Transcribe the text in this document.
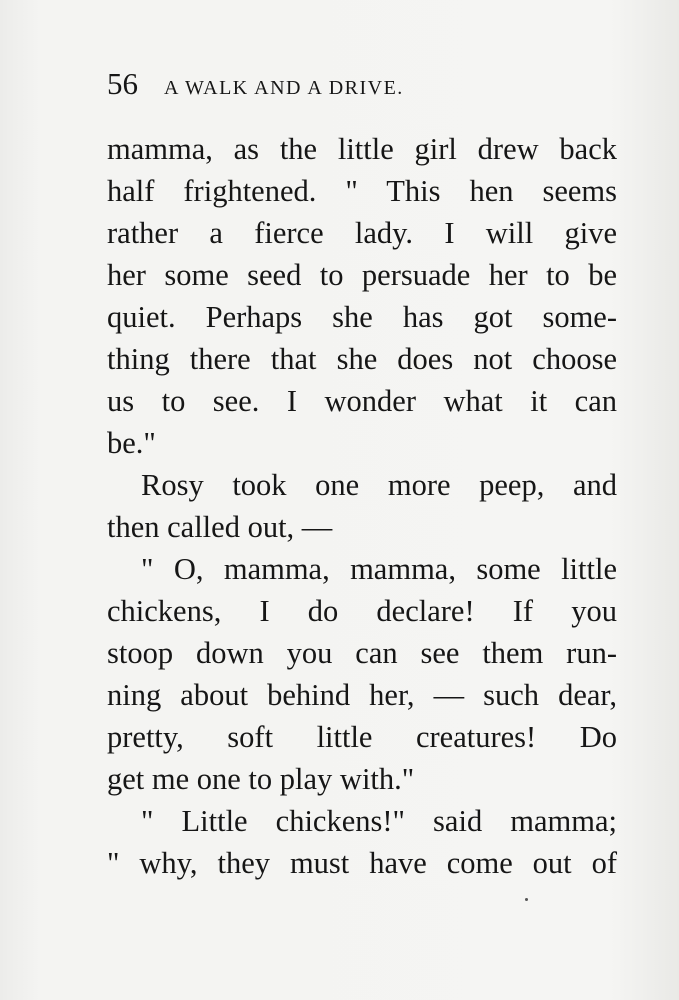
56 A WALK AND A DRIVE.
mamma, as the little girl drew back
half frightened. " This hen seems
rather a fierce lady. I will give
her some seed to persuade her to be
quiet. Perhaps she has got some-
thing there that she does not choose
us to see. I wonder what it can
be."
Rosy took one more peep, and
then called out, —
" O, mamma, mamma, some little
chickens, I do declare! If you
stoop down you can see them run-
ning about behind her, — such dear,
pretty, soft little creatures! Do
get me one to play with."
" Little chickens!" said mamma;
" why, they must have come out of
